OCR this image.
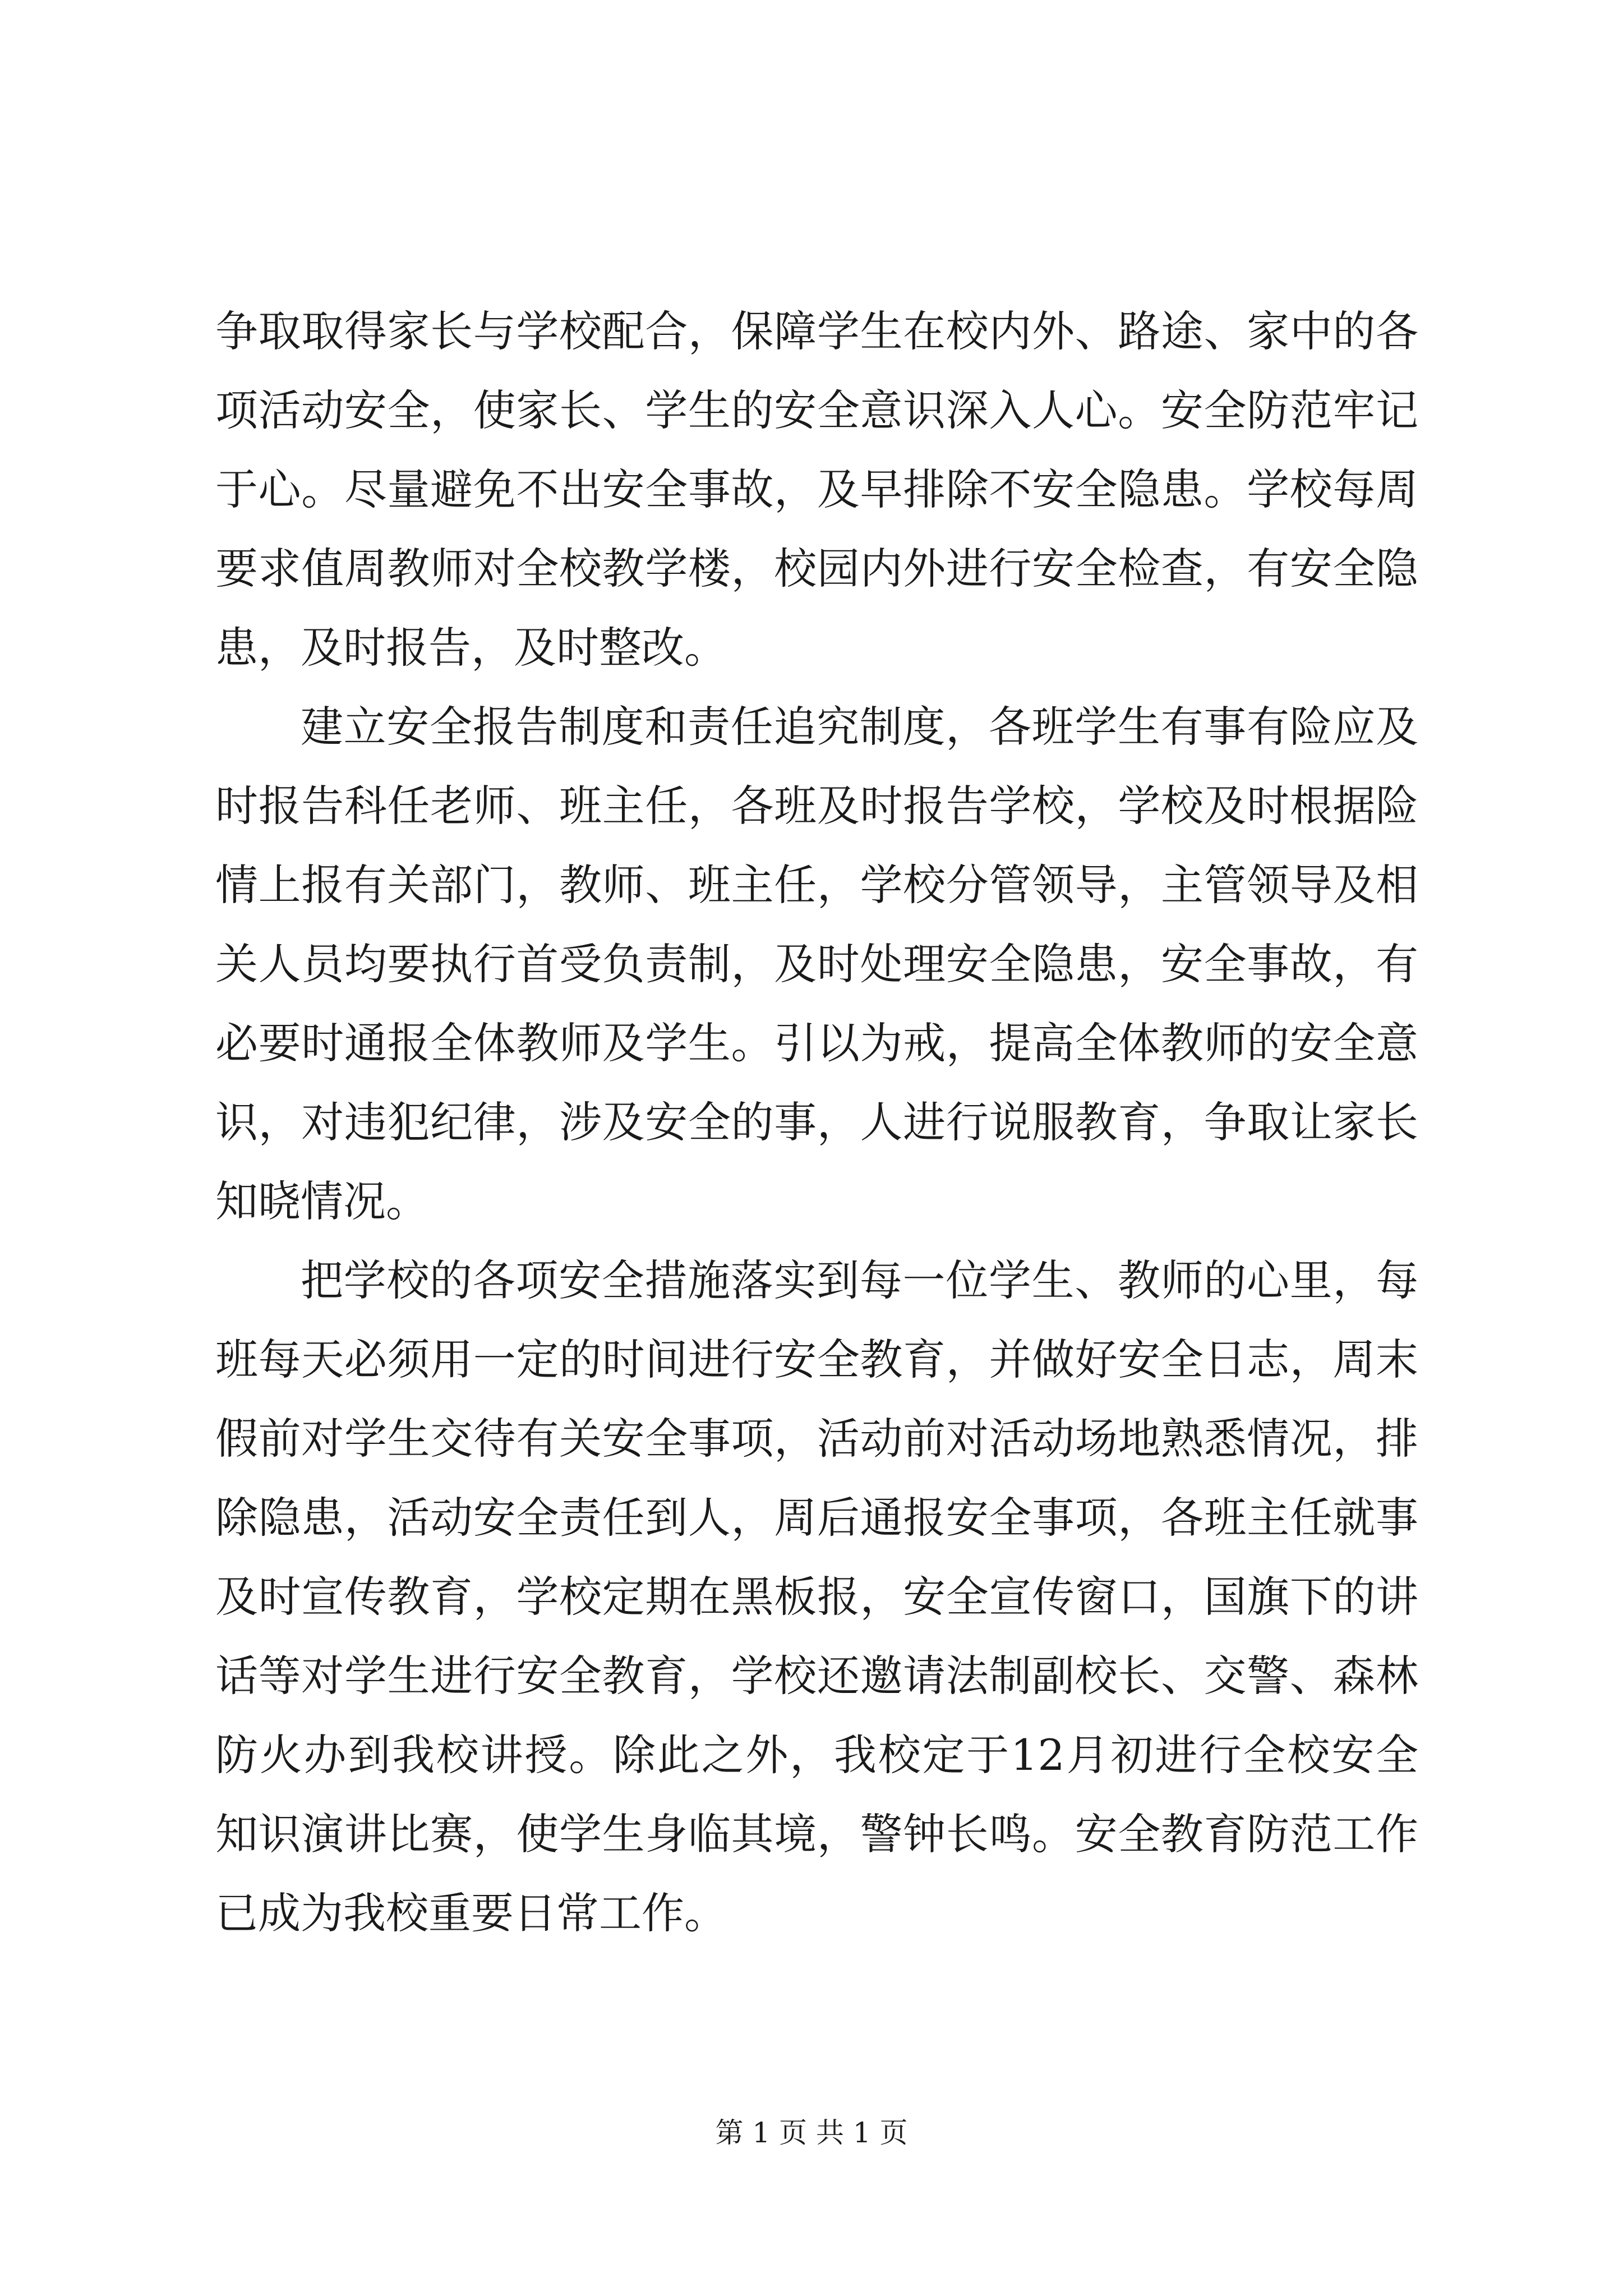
争取取得家长与学校配合，保障学生在校内外、路途、家中的各项活动安全，使家长、学生的安全意识深入人心。安全防范牢记于心。尽量避免不出安全事故，及早排除不安全隐患。学校每周要求值周教师对全校教学楼，校园内外进行安全检查，有安全隐患，及时报告，及时整改。

建立安全报告制度和责任追究制度，各班学生有事有险应及时报告科任老师、班主任，各班及时报告学校，学校及时根据险情上报有关部门，教师、班主任，学校分管领导，主管领导及相关人员均要执行首受负责制，及时处理安全隐患，安全事故，有必要时通报全体教师及学生。引以为戒，提高全体教师的安全意识，对违犯纪律，涉及安全的事，人进行说服教育，争取让家长知晓情况。

把学校的各项安全措施落实到每一位学生、教师的心里，每班每天必须用一定的时间进行安全教育，并做好安全日志，周末假前对学生交待有关安全事项，活动前对活动场地熟悉情况，排除隐患，活动安全责任到人，周后通报安全事项，各班主任就事及时宣传教育，学校定期在黑板报，安全宣传窗口，国旗下的讲话等对学生进行安全教育，学校还邀请法制副校长、交警、森林防火办到我校讲授。除此之外，我校定于12月初进行全校安全知识演讲比赛，使学生身临其境，警钟长鸣。安全教育防范工作已成为我校重要日常工作。

第 1 页 共 1 页
